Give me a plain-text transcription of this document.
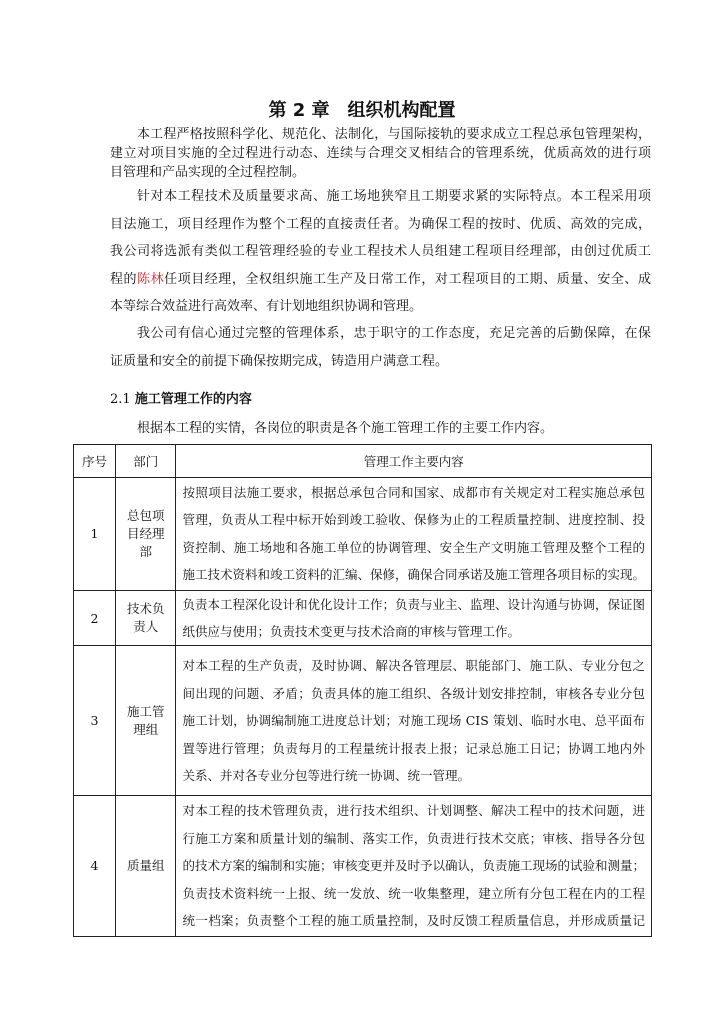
第 2 章　组织机构配置
本工程严格按照科学化、规范化、法制化，与国际接轨的要求成立工程总承包管理架构，
建立对项目实施的全过程进行动态、连续与合理交叉相结合的管理系统，优质高效的进行项
目管理和产品实现的全过程控制。
针对本工程技术及质量要求高、施工场地狭窄且工期要求紧的实际特点。本工程采用项
目法施工，项目经理作为整个工程的直接责任者。为确保工程的按时、优质、高效的完成，
我公司将选派有类似工程管理经验的专业工程技术人员组建工程项目经理部，由创过优质工
程的陈林任项目经理，全权组织施工生产及日常工作，对工程项目的工期、质量、安全、成
本等综合效益进行高效率、有计划地组织协调和管理。
我公司有信心通过完整的管理体系，忠于职守的工作态度，充足完善的后勤保障，在保
证质量和安全的前提下确保按期完成，铸造用户满意工程。
2.1 施工管理工作的内容
根据本工程的实情，各岗位的职责是各个施工管理工作的主要工作内容。
序号	部门	管理工作主要内容
1	总包项
目经理
部	按照项目法施工要求，根据总承包合同和国家、成都市有关规定对工程实施总承包
管理，负责从工程中标开始到竣工验收、保修为止的工程质量控制、进度控制、投
资控制、施工场地和各施工单位的协调管理、安全生产文明施工管理及整个工程的
施工技术资料和竣工资料的汇编、保修，确保合同承诺及施工管理各项目标的实现。

2	技术负
责人	负责本工程深化设计和优化设计工作；负责与业主、监理、设计沟通与协调，保证图
纸供应与使用；负责技术变更与技术洽商的审核与管理工作。

3	施工管
理组	对本工程的生产负责，及时协调、解决各管理层、职能部门、施工队、专业分包之
间出现的问题、矛盾；负责具体的施工组织、各级计划安排控制，审核各专业分包
施工计划，协调编制施工进度总计划；对施工现场 CIS 策划、临时水电、总平面布
置等进行管理；负责每月的工程量统计报表上报；记录总施工日记；协调工地内外
关系、并对各专业分包等进行统一协调、统一管理。

4	质量组	对本工程的技术管理负责，进行技术组织、计划调整、解决工程中的技术问题，进
行施工方案和质量计划的编制、落实工作，负责进行技术交底；审核、指导各分包
的技术方案的编制和实施；审核变更并及时予以确认，负责施工现场的试验和测量；
负责技术资料统一上报、统一发放、统一收集整理，建立所有分包工程在内的工程
统一档案；负责整个工程的施工质量控制，及时反馈工程质量信息，并形成质量记
